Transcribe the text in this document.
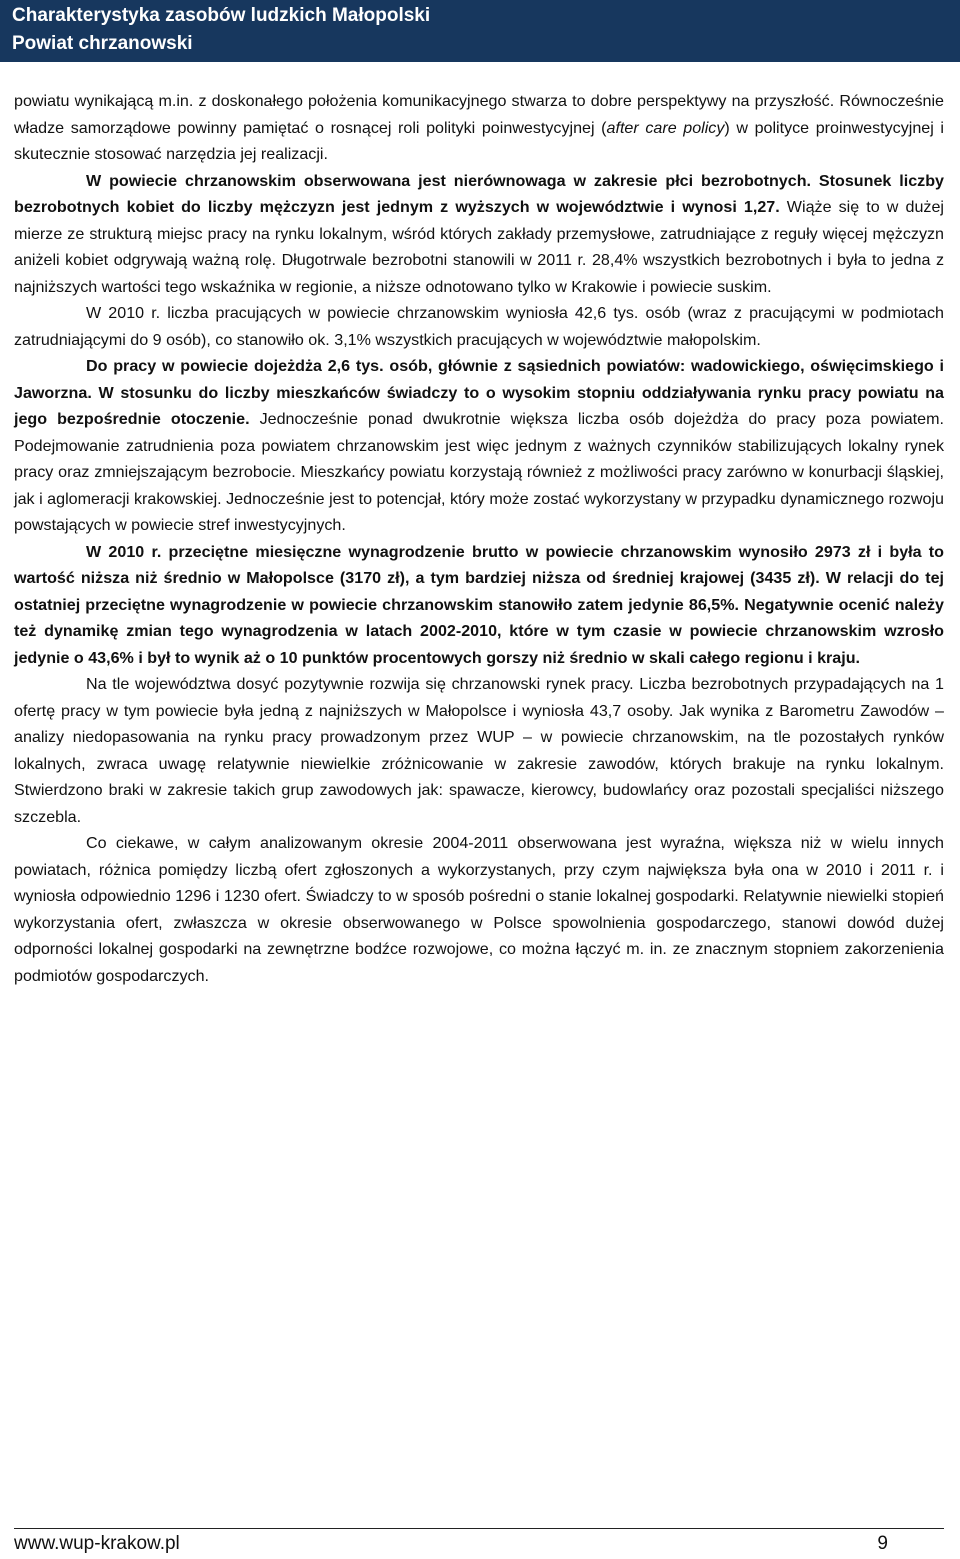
Charakterystyka zasobów ludzkich Małopolski
Powiat chrzanowski

powiatu wynikającą m.in. z doskonałego położenia komunikacyjnego stwarza to dobre perspektywy na przyszłość. Równocześnie władze samorządowe powinny pamiętać o rosnącej roli polityki poinwestycyjnej (after care policy) w polityce proinwestycyjnej i skutecznie stosować narzędzia jej realizacji.

W powiecie chrzanowskim obserwowana jest nierównowaga w zakresie płci bezrobotnych. Stosunek liczby bezrobotnych kobiet do liczby mężczyzn jest jednym z wyższych w województwie i wynosi 1,27. Wiąże się to w dużej mierze ze strukturą miejsc pracy na rynku lokalnym, wśród których zakłady przemysłowe, zatrudniające z reguły więcej mężczyzn aniżeli kobiet odgrywają ważną rolę. Długotrwale bezrobotni stanowili w 2011 r. 28,4% wszystkich bezrobotnych i była to jedna z najniższych wartości tego wskaźnika w regionie, a niższe odnotowano tylko w Krakowie i powiecie suskim.

W 2010 r. liczba pracujących w powiecie chrzanowskim wyniosła 42,6 tys. osób (wraz z pracującymi w podmiotach zatrudniającymi do 9 osób), co stanowiło ok. 3,1% wszystkich pracujących w województwie małopolskim.

Do pracy w powiecie dojeżdża 2,6 tys. osób, głównie z sąsiednich powiatów: wadowickiego, oświęcimskiego i Jaworzna. W stosunku do liczby mieszkańców świadczy to o wysokim stopniu oddziaływania rynku pracy powiatu na jego bezpośrednie otoczenie. Jednocześnie ponad dwukrotnie większa liczba osób dojeżdża do pracy poza powiatem. Podejmowanie zatrudnienia poza powiatem chrzanowskim jest więc jednym z ważnych czynników stabilizujących lokalny rynek pracy oraz zmniejszającym bezrobocie. Mieszkańcy powiatu korzystają również z możliwości pracy zarówno w konurbacji śląskiej, jak i aglomeracji krakowskiej. Jednocześnie jest to potencjał, który może zostać wykorzystany w przypadku dynamicznego rozwoju powstających w powiecie stref inwestycyjnych.

W 2010 r. przeciętne miesięczne wynagrodzenie brutto w powiecie chrzanowskim wynosiło 2973 zł i była to wartość niższa niż średnio w Małopolsce (3170 zł), a tym bardziej niższa od średniej krajowej (3435 zł). W relacji do tej ostatniej przeciętne wynagrodzenie w powiecie chrzanowskim stanowiło zatem jedynie 86,5%. Negatywnie ocenić należy też dynamikę zmian tego wynagrodzenia w latach 2002-2010, które w tym czasie w powiecie chrzanowskim wzrosło jedynie o 43,6% i był to wynik aż o 10 punktów procentowych gorszy niż średnio w skali całego regionu i kraju.

Na tle województwa dosyć pozytywnie rozwija się chrzanowski rynek pracy. Liczba bezrobotnych przypadających na 1 ofertę pracy w tym powiecie była jedną z najniższych w Małopolsce i wyniosła 43,7 osoby. Jak wynika z Barometru Zawodów – analizy niedopasowania na rynku pracy prowadzonym przez WUP – w powiecie chrzanowskim, na tle pozostałych rynków lokalnych, zwraca uwagę relatywnie niewielkie zróżnicowanie w zakresie zawodów, których brakuje na rynku lokalnym. Stwierdzono braki w zakresie takich grup zawodowych jak: spawacze, kierowcy, budowlańcy oraz pozostali specjaliści niższego szczebla.

Co ciekawe, w całym analizowanym okresie 2004-2011 obserwowana jest wyraźna, większa niż w wielu innych powiatach, różnica pomiędzy liczbą ofert zgłoszonych a wykorzystanych, przy czym największa była ona w 2010 i 2011 r. i wyniosła odpowiednio 1296 i 1230 ofert. Świadczy to w sposób pośredni o stanie lokalnej gospodarki. Relatywnie niewielki stopień wykorzystania ofert, zwłaszcza w okresie obserwowanego w Polsce spowolnienia gospodarczego, stanowi dowód dużej odporności lokalnej gospodarki na zewnętrzne bodźce rozwojowe, co można łączyć m. in. ze znacznym stopniem zakorzenienia podmiotów gospodarczych.

www.wup-krakow.pl	9
